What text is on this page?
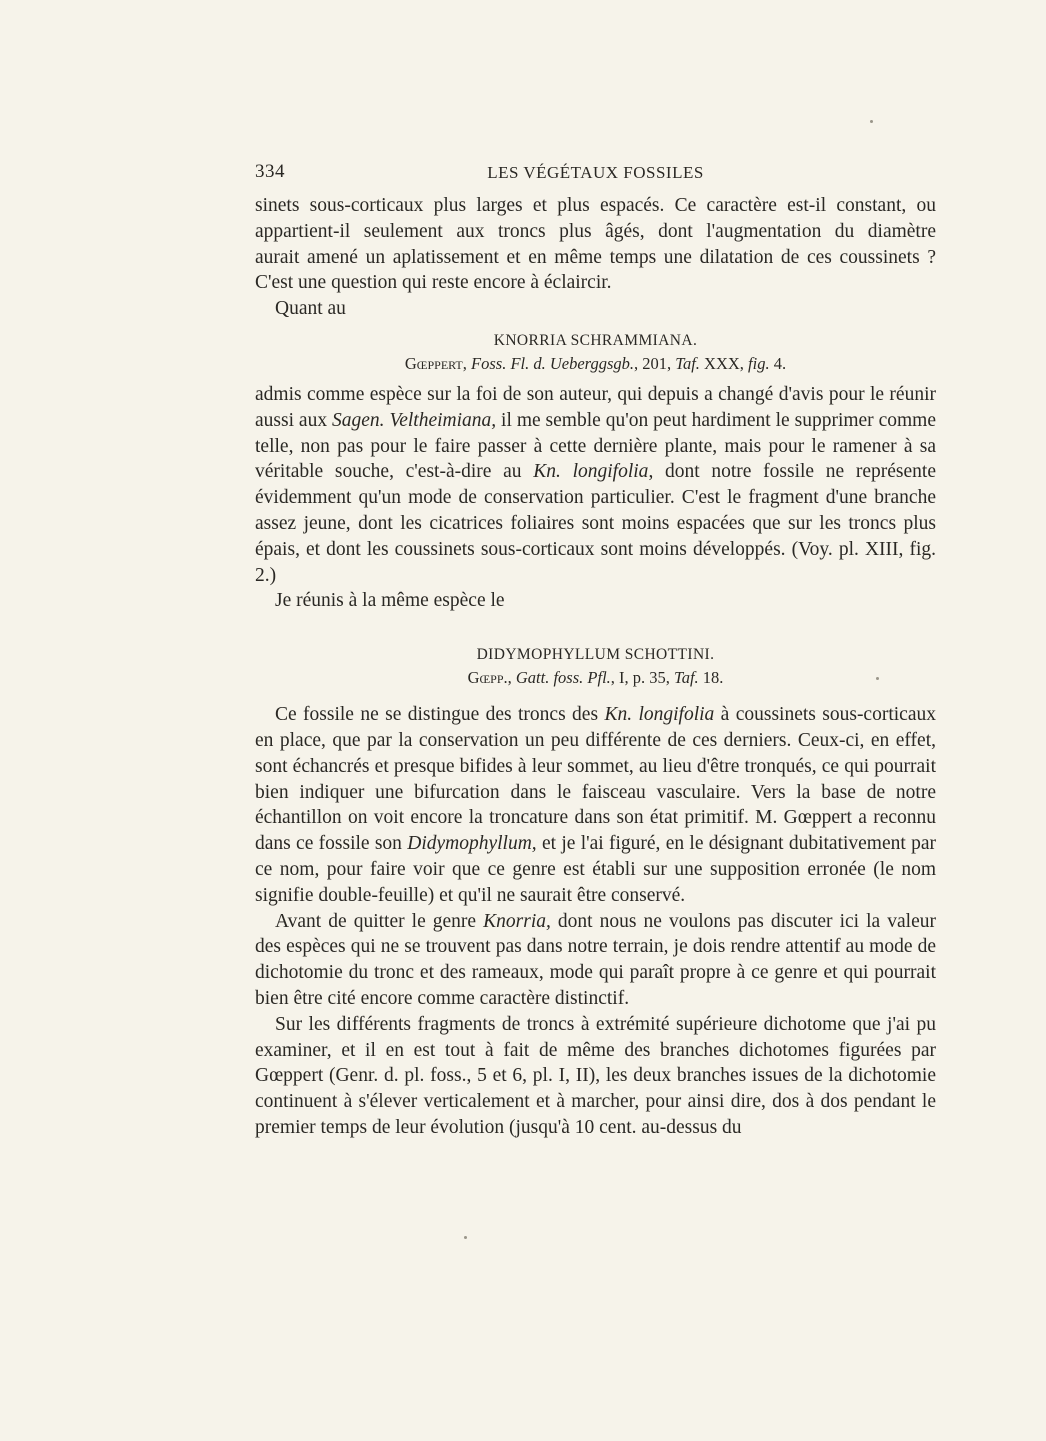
334	LES VÉGÉTAUX FOSSILES

sinets sous-corticaux plus larges et plus espacés. Ce caractère est-il constant, ou

appartient-il seulement aux troncs plus âgés, dont l'augmentation du diamètre

aurait amené un aplatissement et en même temps une dilatation de ces coussinets ?

C'est une question qui reste encore à éclaircir.

Quant au

KNORRIA SCHRAMMIANA.
Gœppert, Foss. Fl. d. Ueberggsgb., 201, Taf. XXX, fig. 4.

admis comme espèce sur la foi de son auteur, qui depuis a changé d'avis pour le réunir aussi aux Sagen. Veltheimiana, il me semble qu'on peut hardiment le supprimer comme telle, non pas pour le faire passer à cette dernière plante, mais pour le ramener à sa véritable souche, c'est-à-dire au Kn. longifolia, dont notre fossile ne représente évidemment qu'un mode de conservation particulier. C'est le fragment d'une branche assez jeune, dont les cicatrices foliaires sont moins espacées que sur les troncs plus épais, et dont les coussinets sous-corticaux sont moins développés. (Voy. pl. XIII, fig. 2.)

Je réunis à la même espèce le

DIDYMOPHYLLUM SCHOTTINI.
Gœpp., Gatt. foss. Pfl., I, p. 35, Taf. 18.

Ce fossile ne se distingue des troncs des Kn. longifolia à coussinets sous-corticaux en place, que par la conservation un peu différente de ces derniers. Ceux-ci, en effet, sont échancrés et presque bifides à leur sommet, au lieu d'être tronqués, ce qui pourrait bien indiquer une bifurcation dans le faisceau vasculaire. Vers la base de notre échantillon on voit encore la troncature dans son état primitif. M. Gœppert a reconnu dans ce fossile son Didymophyllum, et je l'ai figuré, en le désignant dubitativement par ce nom, pour faire voir que ce genre est établi sur une supposition erronée (le nom signifie double-feuille) et qu'il ne saurait être conservé.

Avant de quitter le genre Knorria, dont nous ne voulons pas discuter ici la valeur des espèces qui ne se trouvent pas dans notre terrain, je dois rendre attentif au mode de dichotomie du tronc et des rameaux, mode qui paraît propre à ce genre et qui pourrait bien être cité encore comme caractère distinctif.

Sur les différents fragments de troncs à extrémité supérieure dichotome que j'ai pu examiner, et il en est tout à fait de même des branches dichotomes figurées par Gœppert (Genr. d. pl. foss., 5 et 6, pl. I, II), les deux branches issues de la dichotomie continuent à s'élever verticalement et à marcher, pour ainsi dire, dos à dos pendant le premier temps de leur évolution (jusqu'à 10 cent. au-dessus du
